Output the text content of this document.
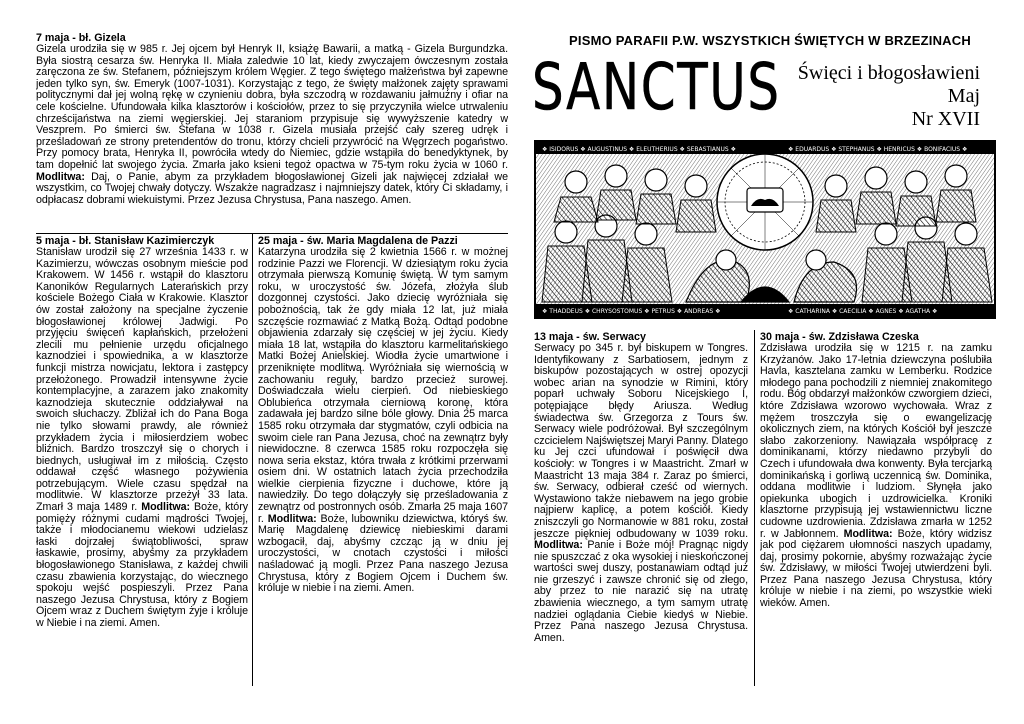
7 maja - bł. Gizela
Gizela urodziła się w 985 r. Jej ojcem był Henryk II, książę Bawarii, a matką - Gizela Burgundzka. Była siostrą cesarza św. Henryka II. Miała zaledwie 10 lat, kiedy zwyczajem ówczesnym została zaręczona ze św. Stefanem, późniejszym królem Węgier. Z tego świętego małżeństwa był zapewne jeden tylko syn, św. Emeryk (1007-1031). Korzystając z tego, że święty małżonek zajęty sprawami politycznymi dał jej wolną rękę w czynieniu dobra, była szczodrą w rozdawaniu jałmużny i ofiar na cele kościelne. Ufundowała kilka klasztorów i kościołów, przez to się przyczyniła wielce utrwaleniu chrześcijaństwa na ziemi węgierskiej. Jej staraniom przypisuje się wywyższenie katedry w Veszprem. Po śmierci św. Stefana w 1038 r. Gizela musiała przejść cały szereg udręk i prześladowań ze strony pretendentów do tronu, którzy chcieli przywrócić na Węgrzech pogaństwo. Przy pomocy brata, Henryka II, powróciła wtedy do Niemiec, gdzie wstąpiła do benedyktynek, by tam dopełnić lat swojego życia. Zmarła jako ksieni tegoż opactwa w 75-tym roku życia w 1060 r. Modlitwa: Daj, o Panie, abym za przykładem błogosławionej Gizeli jak najwięcej zdziałał we wszystkim, co Twojej chwały dotyczy. Wszakże nagradzasz i najmniejszy datek, który Ci składamy, i odpłacasz dobrami wiekuistymi. Przez Jezusa Chrystusa, Pana naszego. Amen.
5 maja - bł. Stanisław Kazimierczyk
Stanisław urodził się 27 września 1433 r. w Kazimierzu, wówczas osobnym mieście pod Krakowem. W 1456 r. wstąpił do klasztoru Kanoników Regularnych Laterańskich przy kościele Bożego Ciała w Krakowie. Klasztor ów został założony na specjalne życzenie błogosławionej królowej Jadwigi. Po przyjęciu święceń kapłańskich, przełożeni zlecili mu pełnienie urzędu oficjalnego kaznodziei i spowiednika, a w klasztorze funkcji mistrza nowicjatu, lektora i zastępcy przełożonego. Prowadził intensywne życie kontemplacyjne, a zarazem jako znakomity kaznodzieja skutecznie oddziaływał na swoich słuchaczy. Zbliżał ich do Pana Boga nie tylko słowami prawdy, ale również przykładem życia i miłosierdziem wobec bliźnich. Bardzo troszczył się o chorych i biednych, usługiwał im z miłością. Często oddawał część własnego pożywienia potrzebującym. Wiele czasu spędzał na modlitwie. W klasztorze przeżył 33 lata. Zmarł 3 maja 1489 r. Modlitwa: Boże, który pomięży różnymi cudami mądrości Twojej, także i młodocianemu wiekowi udzielasz łaski dojrzałej świątobliwości, spraw łaskawie, prosimy, abyśmy za przykładem błogosławionego Stanisława, z każdej chwili czasu zbawienia korzystając, do wiecznego spokoju wejść pospieszyli. Przez Pana naszego Jezusa Chrystusa, który z Bogiem Ojcem wraz z Duchem świętym żyje i króluje w Niebie i na ziemi. Amen.
25 maja - św. Maria Magdalena de Pazzi
Katarzyna urodziła się 2 kwietnia 1566 r. w możnej rodzinie Pazzi we Florencji. W dziesiątym roku życia otrzymała pierwszą Komunię świętą. W tym samym roku, w uroczystość św. Józefa, złożyła ślub dozgonnej czystości. Jako dziecię wyróżniała się pobożnością, tak że gdy miała 12 lat, już miała szczęście rozmawiać z Matką Bożą. Odtąd podobne objawienia zdarzały się częściej w jej życiu. Kiedy miała 18 lat, wstąpiła do klasztoru karmelitańskiego Matki Bożej Anielskiej. Wiodła życie umartwione i przeniknięte modlitwą. Wyróżniała się wiernością w zachowaniu reguły, bardzo przecież surowej. Doświadczała wielu cierpień. Od niebieskiego Oblubieńca otrzymała cierniową koronę, która zadawała jej bardzo silne bóle głowy. Dnia 25 marca 1585 roku otrzymała dar stygmatów, czyli odbicia na swoim ciele ran Pana Jezusa, choć na zewnątrz były niewidoczne. 8 czerwca 1585 roku rozpoczęła się nowa seria ekstaz, która trwała z krótkimi przerwami osiem dni. W ostatnich latach życia przechodziła wielkie cierpienia fizyczne i duchowe, które ją nawiedziły. Do tego dołączyły się prześladowania z zewnątrz od postronnych osób. Zmarła 25 maja 1607 r. Modlitwa: Boże, lubowniku dziewictwa, któryś św. Marię Magdalenę dziewicę niebieskimi darami wzbogacił, daj, abyśmy czcząc ją w dniu jej uroczystości, w cnotach czystości i miłości naśladować ją mogli. Przez Pana naszego Jezusa Chrystusa, który z Bogiem Ojcem i Duchem św. króluje w niebie i na ziemi. Amen.
PISMO PARAFII P.W. WSZYSTKICH ŚWIĘTYCH W BRZEZINACH
SANCTUS Święci i błogosławieni
Maj
Nr XVII
❖ ISIDORUS ❖ AUGUSTINUS ❖ ELEUTHERIUS ❖ SEBASTIANUS ❖	❖ EDUARDUS ❖ STEPHANUS ❖ HENRICUS ❖ BONIFACIUS ❖
❖ THADDEUS ❖ CHRYSOSTOMUS ❖ PETRUS ❖ ANDREAS ❖	❖ CATHARINA ❖ CAECILIA ❖ AGNES ❖ AGATHA ❖
13 maja - św. Serwacy
Serwacy po 345 r. był biskupem w Tongres. Identyfikowany z Sarbatiosem, jednym z biskupów pozostających w ostrej opozycji wobec arian na synodzie w Rimini, który poparł uchwały Soboru Nicejskiego I, potępiające błędy Ariusza. Według świadectwa św. Grzegorza z Tours św. Serwacy wiele podróżował. Był szczególnym czcicielem Najświętszej Maryi Panny. Dlatego ku Jej czci ufundował i poświęcił dwa kościoły: w Tongres i w Maastricht. Zmarł w Maastricht 13 maja 384 r. Zaraz po śmierci, św. Serwacy, odbierał cześć od wiernych. Wystawiono także niebawem na jego grobie najpierw kaplicę, a potem kościół. Kiedy zniszczyli go Normanowie w 881 roku, został jeszcze piękniej odbudowany w 1039 roku. Modlitwa: Panie i Boże mój! Pragnąc nigdy nie spuszczać z oka wysokiej i nieskończonej wartości swej duszy, postanawiam odtąd już nie grzeszyć i zawsze chronić się od złego, aby przez to nie narazić się na utratę zbawienia wiecznego, a tym samym utratę nadziei oglądania Ciebie kiedyś w Niebie. Przez Pana naszego Jezusa Chrystusa. Amen.
30 maja - św. Zdzisława Czeska
Zdzisława urodziła się w 1215 r. na zamku Krzyżanów. Jako 17-letnia dziewczyna poślubiła Havla, kasztelana zamku w Lemberku. Rodzice młodego pana pochodzili z niemniej znakomitego rodu. Bóg obdarzył małżonków czworgiem dzieci, które Zdzisława wzorowo wychowała. Wraz z mężem troszczyła się o ewangelizację okolicznych ziem, na których Kościół był jeszcze słabo zakorzeniony. Nawiązała współpracę z dominikanami, którzy niedawno przybyli do Czech i ufundowała dwa konwenty. Była tercjarką dominikańską i gorliwą uczennicą św. Dominika, oddana modlitwie i ludziom. Słynęła jako opiekunka ubogich i uzdrowicielka. Kroniki klasztorne przypisują jej wstawiennictwu liczne cudowne uzdrowienia. Zdzisława zmarła w 1252 r. w Jabłonnem. Modlitwa: Boże, który widzisz jak pod ciężarem ułomności naszych upadamy, daj, prosimy pokornie, abyśmy rozważając życie św. Zdzisławy, w miłości Twojej utwierdzeni byli. Przez Pana naszego Jezusa Chrystusa, który króluje w niebie i na ziemi, po wszystkie wieki wieków. Amen.
